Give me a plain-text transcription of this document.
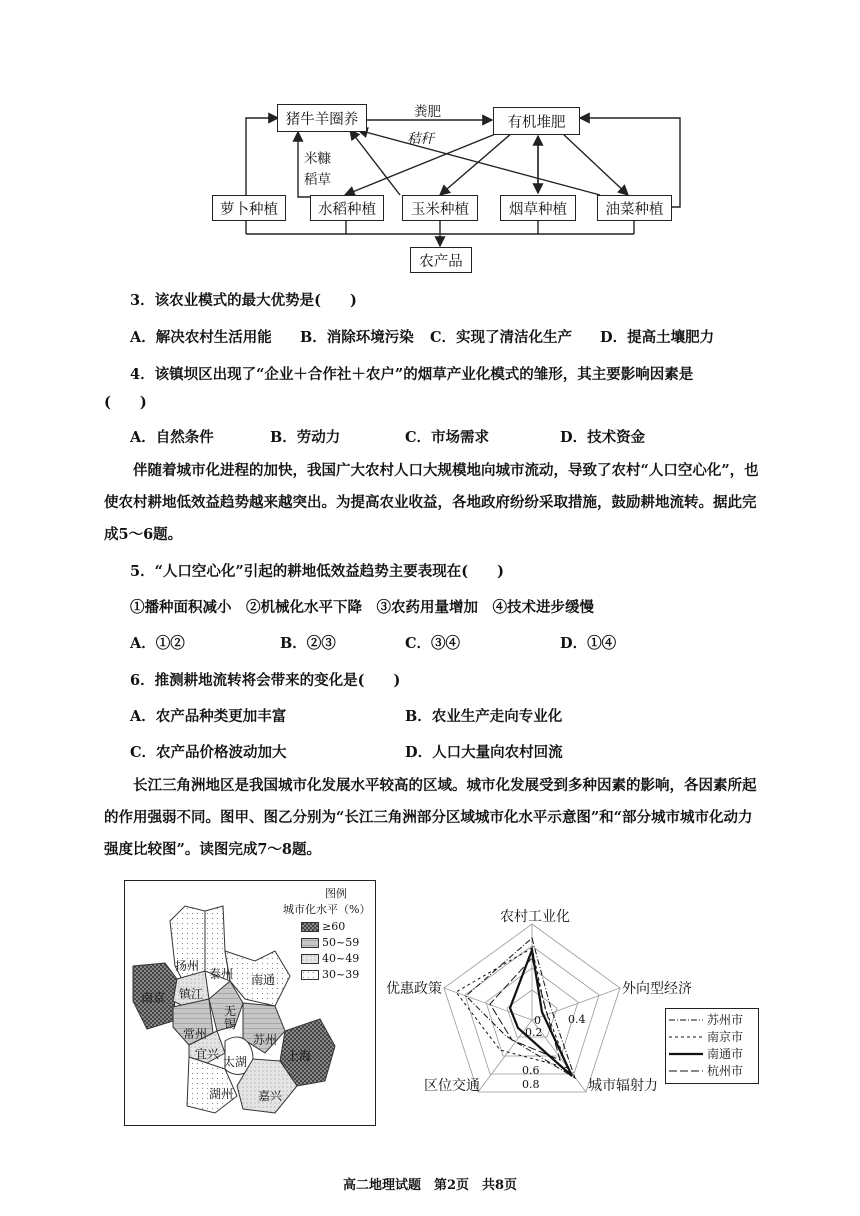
猪牛羊圈养	有机堆肥
粪肥
秸秆
米糠
稻草
萝卜种植	水稻种植	玉米种植	烟草种植	油菜种植
农产品
3．该农业模式的最大优势是(　　)
A．解决农村生活用能 B．消除环境污染 C．实现了清洁化生产 D．提高土壤肥力
4．该镇坝区出现了“企业＋合作社＋农户”的烟草产业化模式的雏形，其主要影响因素是
(　　)
A．自然条件	B．劳动力	C．市场需求	D．技术资金
伴随着城市化进程的加快，我国广大农村人口大规模地向城市流动，导致了农村“人口空心化”，也使农村耕地低效益趋势越来越突出。为提高农业收益，各地政府纷纷采取措施，鼓励耕地流转。据此完成5～6题。
5．“人口空心化”引起的耕地低效益趋势主要表现在(　　)
①播种面积减小　②机械化水平下降　③农药用量增加　④技术进步缓慢
A．①②	B．②③	C．③④	D．①④
6．推测耕地流转将会带来的变化是(　　)
A．农产品种类更加丰富	B．农业生产走向专业化
C．农产品价格波动加大	D．人口大量向农村回流
长江三角洲地区是我国城市化发展水平较高的区域。城市化发展受到多种因素的影响，各因素所起的作用强弱不同。图甲、图乙分别为“长江三角洲部分区域城市化水平示意图”和“部分城市城市化动力强度比较图”。读图完成7～8题。
扬州
泰州 南通
南京 镇江
常州
无锡
苏州
上海
宜兴
太湖
湖州 嘉兴
图例
城市化水平（%）
≥60
50~59
40~49
30~39
农村工业化
外向型经济
城市辐射力
区位交通
优惠政策
0
0.2
0.4
0.6
0.8
苏州市
南京市
南通市
杭州市
高二地理试题　第2页　共8页
